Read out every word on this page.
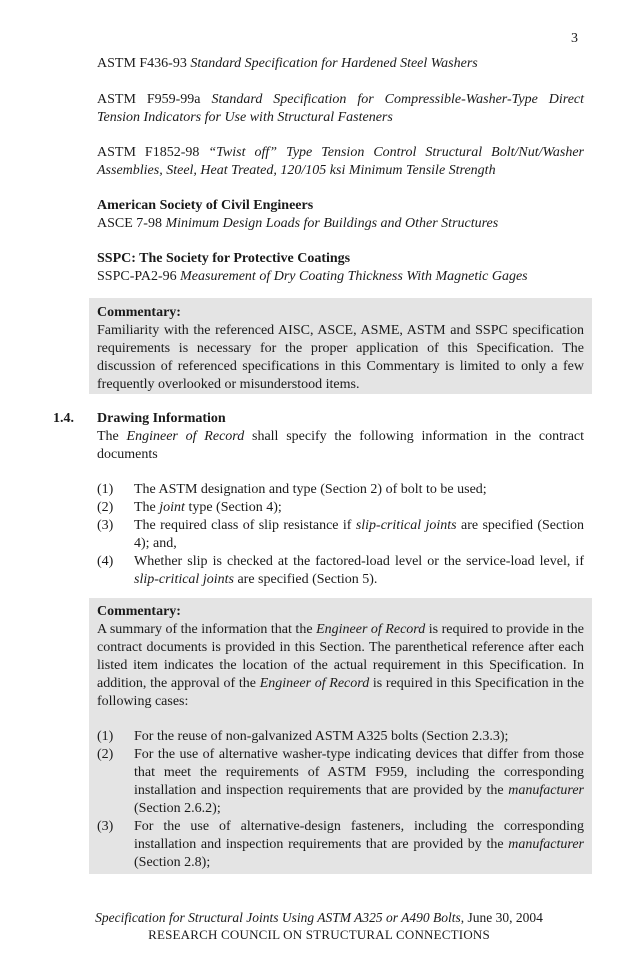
3
ASTM F436-93 Standard Specification for Hardened Steel Washers
ASTM F959-99a Standard Specification for Compressible-Washer-Type Direct
Tension Indicators for Use with Structural Fasteners
ASTM F1852-98 “Twist off” Type Tension Control Structural Bolt/Nut/Washer
Assemblies, Steel, Heat Treated, 120/105 ksi Minimum Tensile Strength
American Society of Civil Engineers
ASCE 7-98 Minimum Design Loads for Buildings and Other Structures
SSPC: The Society for Protective Coatings
SSPC-PA2-96 Measurement of Dry Coating Thickness With Magnetic Gages
Commentary:
Familiarity with the referenced AISC, ASCE, ASME, ASTM and SSPC specification requirements is necessary for the proper application of this Specification. The discussion of referenced specifications in this Commentary is limited to only a few frequently overlooked or misunderstood items.
1.4. Drawing Information
The Engineer of Record shall specify the following information in the contract documents
(1)	The ASTM designation and type (Section 2) of bolt to be used;
(2)	The joint type (Section 4);
(3)	The required class of slip resistance if slip-critical joints are specified (Section 4); and,
(4)	Whether slip is checked at the factored-load level or the service-load level, if slip-critical joints are specified (Section 5).
Commentary:
A summary of the information that the Engineer of Record is required to provide in the contract documents is provided in this Section. The parenthetical reference after each listed item indicates the location of the actual requirement in this Specification. In addition, the approval of the Engineer of Record is required in this Specification in the following cases:
(1)	For the reuse of non-galvanized ASTM A325 bolts (Section 2.3.3);
(2)	For the use of alternative washer-type indicating devices that differ from those that meet the requirements of ASTM F959, including the corresponding installation and inspection requirements that are provided by the manufacturer (Section 2.6.2);
(3)	For the use of alternative-design fasteners, including the corresponding installation and inspection requirements that are provided by the manufacturer (Section 2.8);
Specification for Structural Joints Using ASTM A325 or A490 Bolts, June 30, 2004
RESEARCH COUNCIL ON STRUCTURAL CONNECTIONS
